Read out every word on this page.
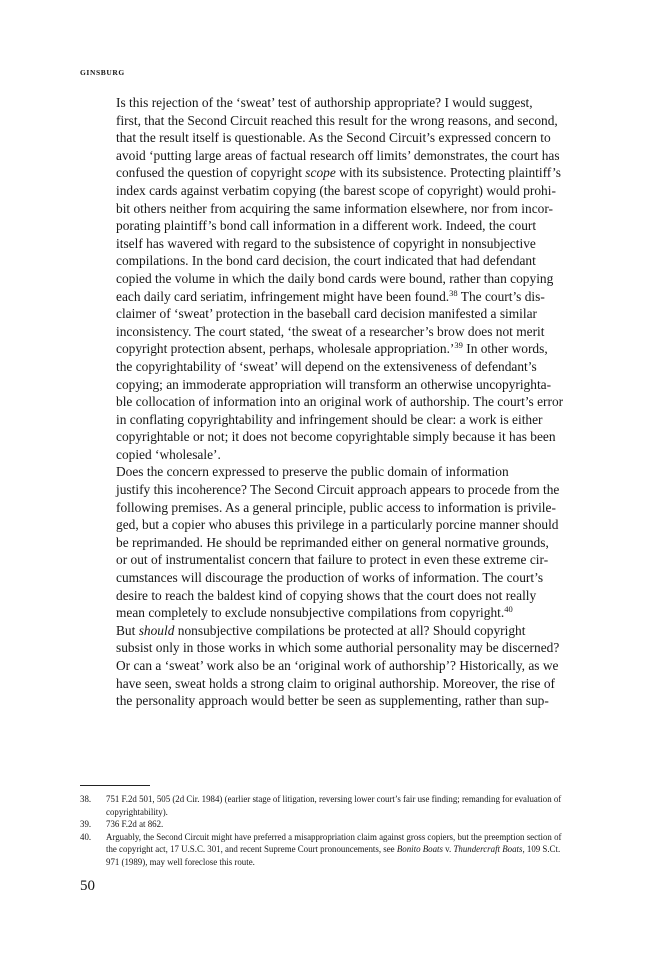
GINSBURG

Is this rejection of the ‘sweat’ test of authorship appropriate? I would suggest,
first, that the Second Circuit reached this result for the wrong reasons, and second,
that the result itself is questionable. As the Second Circuit’s expressed concern to
avoid ‘putting large areas of factual research off limits’ demonstrates, the court has
confused the question of copyright scope with its subsistence. Protecting plaintiff’s
index cards against verbatim copying (the barest scope of copyright) would prohi-
bit others neither from acquiring the same information elsewhere, nor from incor-
porating plaintiff’s bond call information in a different work. Indeed, the court
itself has wavered with regard to the subsistence of copyright in nonsubjective
compilations. In the bond card decision, the court indicated that had defendant
copied the volume in which the daily bond cards were bound, rather than copying
each daily card seriatim, infringement might have been found.$^{38}$ The court’s dis-
claimer of ‘sweat’ protection in the baseball card decision manifested a similar
inconsistency. The court stated, ‘the sweat of a researcher’s brow does not merit
copyright protection absent, perhaps, wholesale appropriation.’$^{39}$ In other words,
the copyrightability of ‘sweat’ will depend on the extensiveness of defendant’s
copying; an immoderate appropriation will transform an otherwise uncopyrighta-
ble collocation of information into an original work of authorship. The court’s error
in conflating copyrightability and infringement should be clear: a work is either
copyrightable or not; it does not become copyrightable simply because it has been
copied ‘wholesale’.

Does the concern expressed to preserve the public domain of information
justify this incoherence? The Second Circuit approach appears to procede from the
following premises. As a general principle, public access to information is privile-
ged, but a copier who abuses this privilege in a particularly porcine manner should
be reprimanded. He should be reprimanded either on general normative grounds,
or out of instrumentalist concern that failure to protect in even these extreme cir-
cumstances will discourage the production of works of information. The court’s
desire to reach the baldest kind of copying shows that the court does not really
mean completely to exclude nonsubjective compilations from copyright.$^{40}$

But should nonsubjective compilations be protected at all? Should copyright
subsist only in those works in which some authorial personality may be discerned?
Or can a ‘sweat’ work also be an ‘original work of authorship’? Historically, as we
have seen, sweat holds a strong claim to original authorship. Moreover, the rise of
the personality approach would better be seen as supplementing, rather than sup-

38.	751 F.2d 501, 505 (2d Cir. 1984) (earlier stage of litigation, reversing lower court’s fair use finding; remanding for evaluation of copyrightability).
39.	736 F.2d at 862.
40.	Arguably, the Second Circuit might have preferred a misappropriation claim against gross copiers, but the preemption section of the copyright act, 17 U.S.C. 301, and recent Supreme Court pronouncements, see Bonito Boats v. Thundercraft Boats, 109 S.Ct. 971 (1989), may well foreclose this route.
50
